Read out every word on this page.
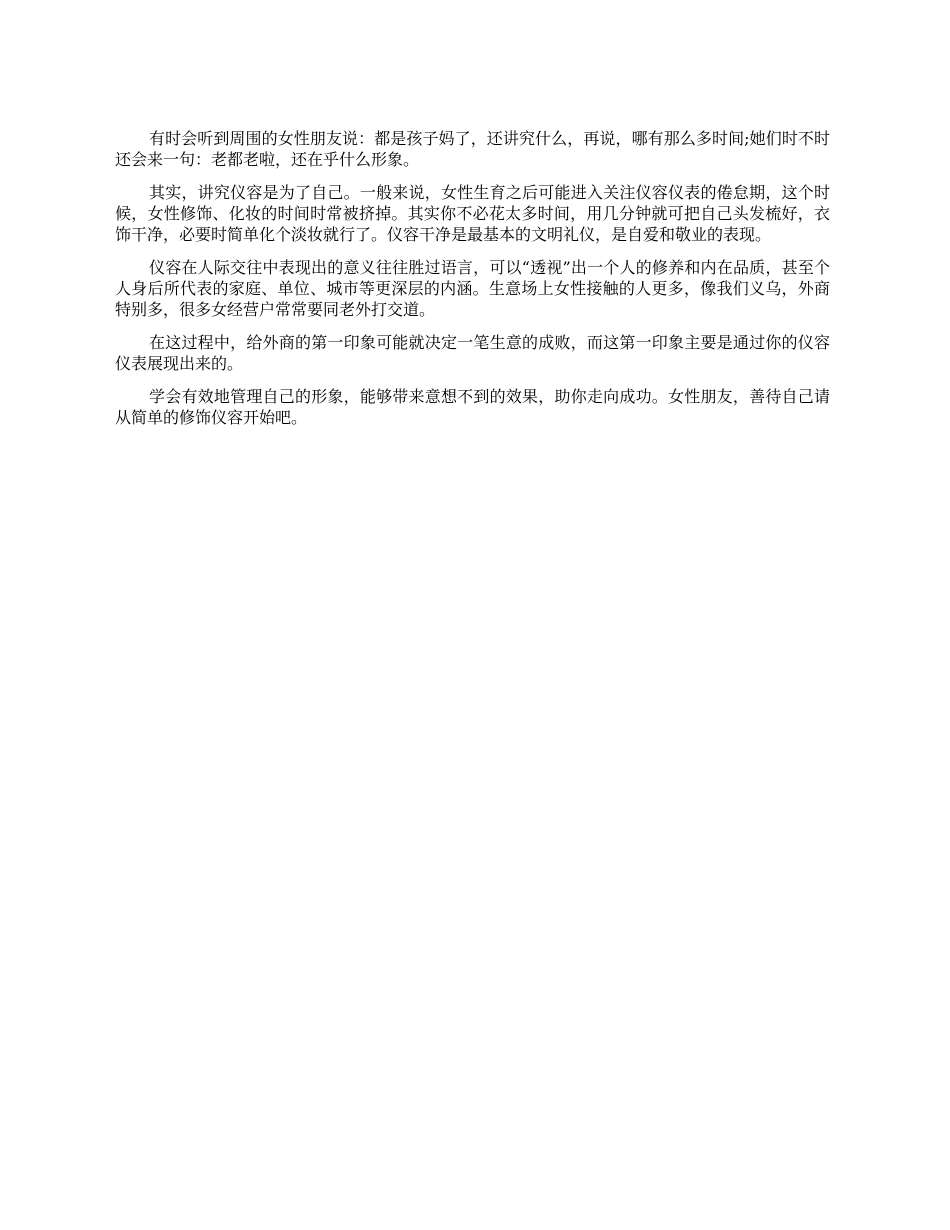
有时会听到周围的女性朋友说：都是孩子妈了，还讲究什么，再说，哪有那么多时间;她们时不时还会来一句：老都老啦，还在乎什么形象。

其实，讲究仪容是为了自己。一般来说，女性生育之后可能进入关注仪容仪表的倦怠期，这个时候，女性修饰、化妆的时间时常被挤掉。其实你不必花太多时间，用几分钟就可把自己头发梳好，衣饰干净，必要时简单化个淡妆就行了。仪容干净是最基本的文明礼仪，是自爱和敬业的表现。

仪容在人际交往中表现出的意义往往胜过语言，可以“透视”出一个人的修养和内在品质，甚至个人身后所代表的家庭、单位、城市等更深层的内涵。生意场上女性接触的人更多，像我们义乌，外商特别多，很多女经营户常常要同老外打交道。

在这过程中，给外商的第一印象可能就决定一笔生意的成败，而这第一印象主要是通过你的仪容仪表展现出来的。

学会有效地管理自己的形象，能够带来意想不到的效果，助你走向成功。女性朋友，善待自己请从简单的修饰仪容开始吧。
